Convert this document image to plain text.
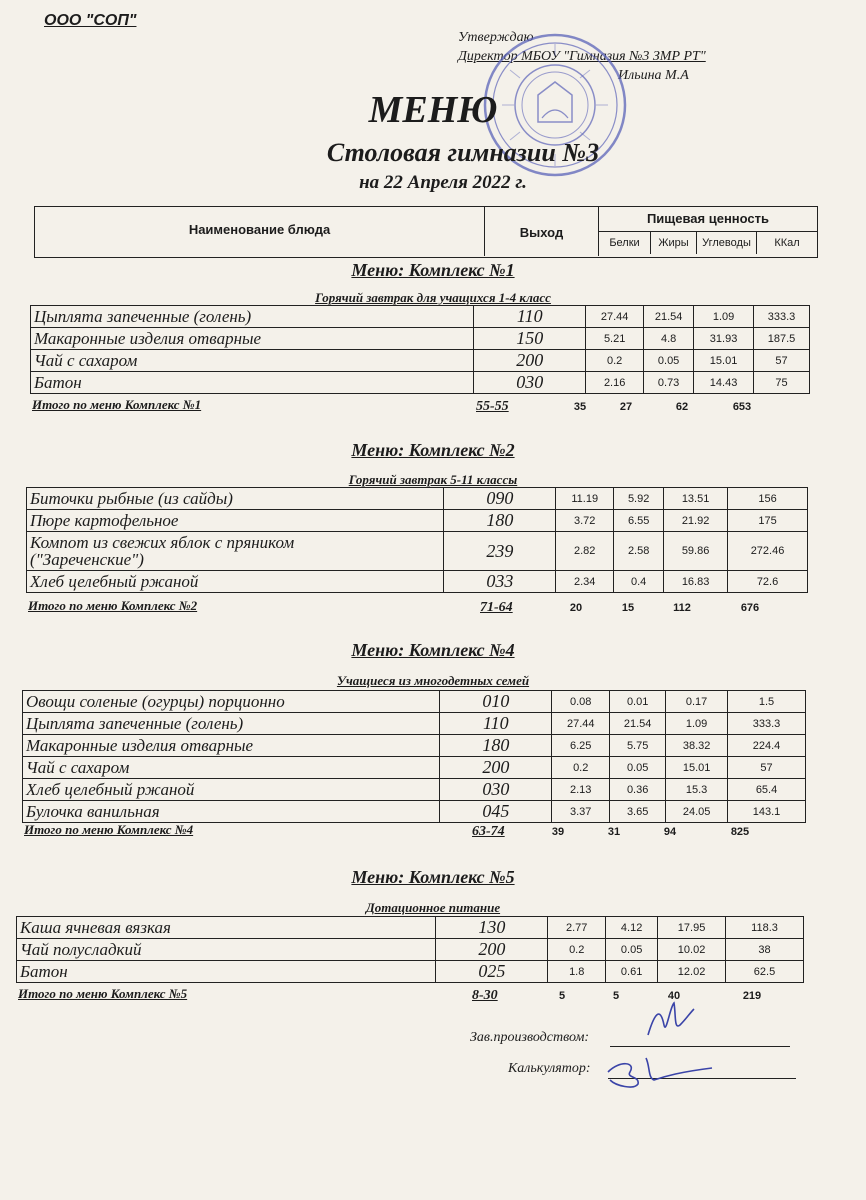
ООО "СОП"
Утверждаю
Директор МБОУ "Гимназия №3 ЗМР РТ"
Ильина М.А
МЕНЮ
Столовая гимназии №3
на 22 Апреля 2022 г.
Наименование блюда	Выход
Пищевая ценность
Белки	Жиры	Углеводы	ККал
Меню: Комплекс №1
Горячий завтрак для учащихся 1-4 класс
Цыплята запеченные (голень)	110	27.44	21.54	1.09	333.3
Макаронные изделия отварные	150	5.21	4.8	31.93	187.5
Чай с сахаром	200	0.2	0.05	15.01	57
Батон	030	2.16	0.73	14.43	75
Итого по меню Комплекс №1	55-55	35	27	62	653
Меню: Комплекс №2
Горячий завтрак 5-11 классы
Биточки рыбные (из сайды)	090	11.19	5.92	13.51	156
Пюре картофельное	180	3.72	6.55	21.92	175

Компот из свежих яблок с пряником
("Зареченские")	239	2.82	2.58	59.86	272.46
Хлеб целебный ржаной	033	2.34	0.4	16.83	72.6
Итого по меню Комплекс №2	71-64	20	15	112	676
Меню: Комплекс №4
Учащиеся из многодетных семей
Овощи соленые (огурцы) порционно	010	0.08	0.01	0.17	1.5
Цыплята запеченные (голень)	110	27.44	21.54	1.09	333.3
Макаронные изделия отварные	180	6.25	5.75	38.32	224.4
Чай с сахаром	200	0.2	0.05	15.01	57
Хлеб целебный ржаной	030	2.13	0.36	15.3	65.4
Булочка ванильная	045	3.37	3.65	24.05	143.1
Итого по меню Комплекс №4	63-74	39	31	94	825
Меню: Комплекс №5
Дотационное питание
Каша ячневая вязкая	130	2.77	4.12	17.95	118.3
Чай полусладкий	200	0.2	0.05	10.02	38
Батон	025	1.8	0.61	12.02	62.5
Итого по меню Комплекс №5	8-30	5	5	40	219
Зав.производством:
Калькулятор:
